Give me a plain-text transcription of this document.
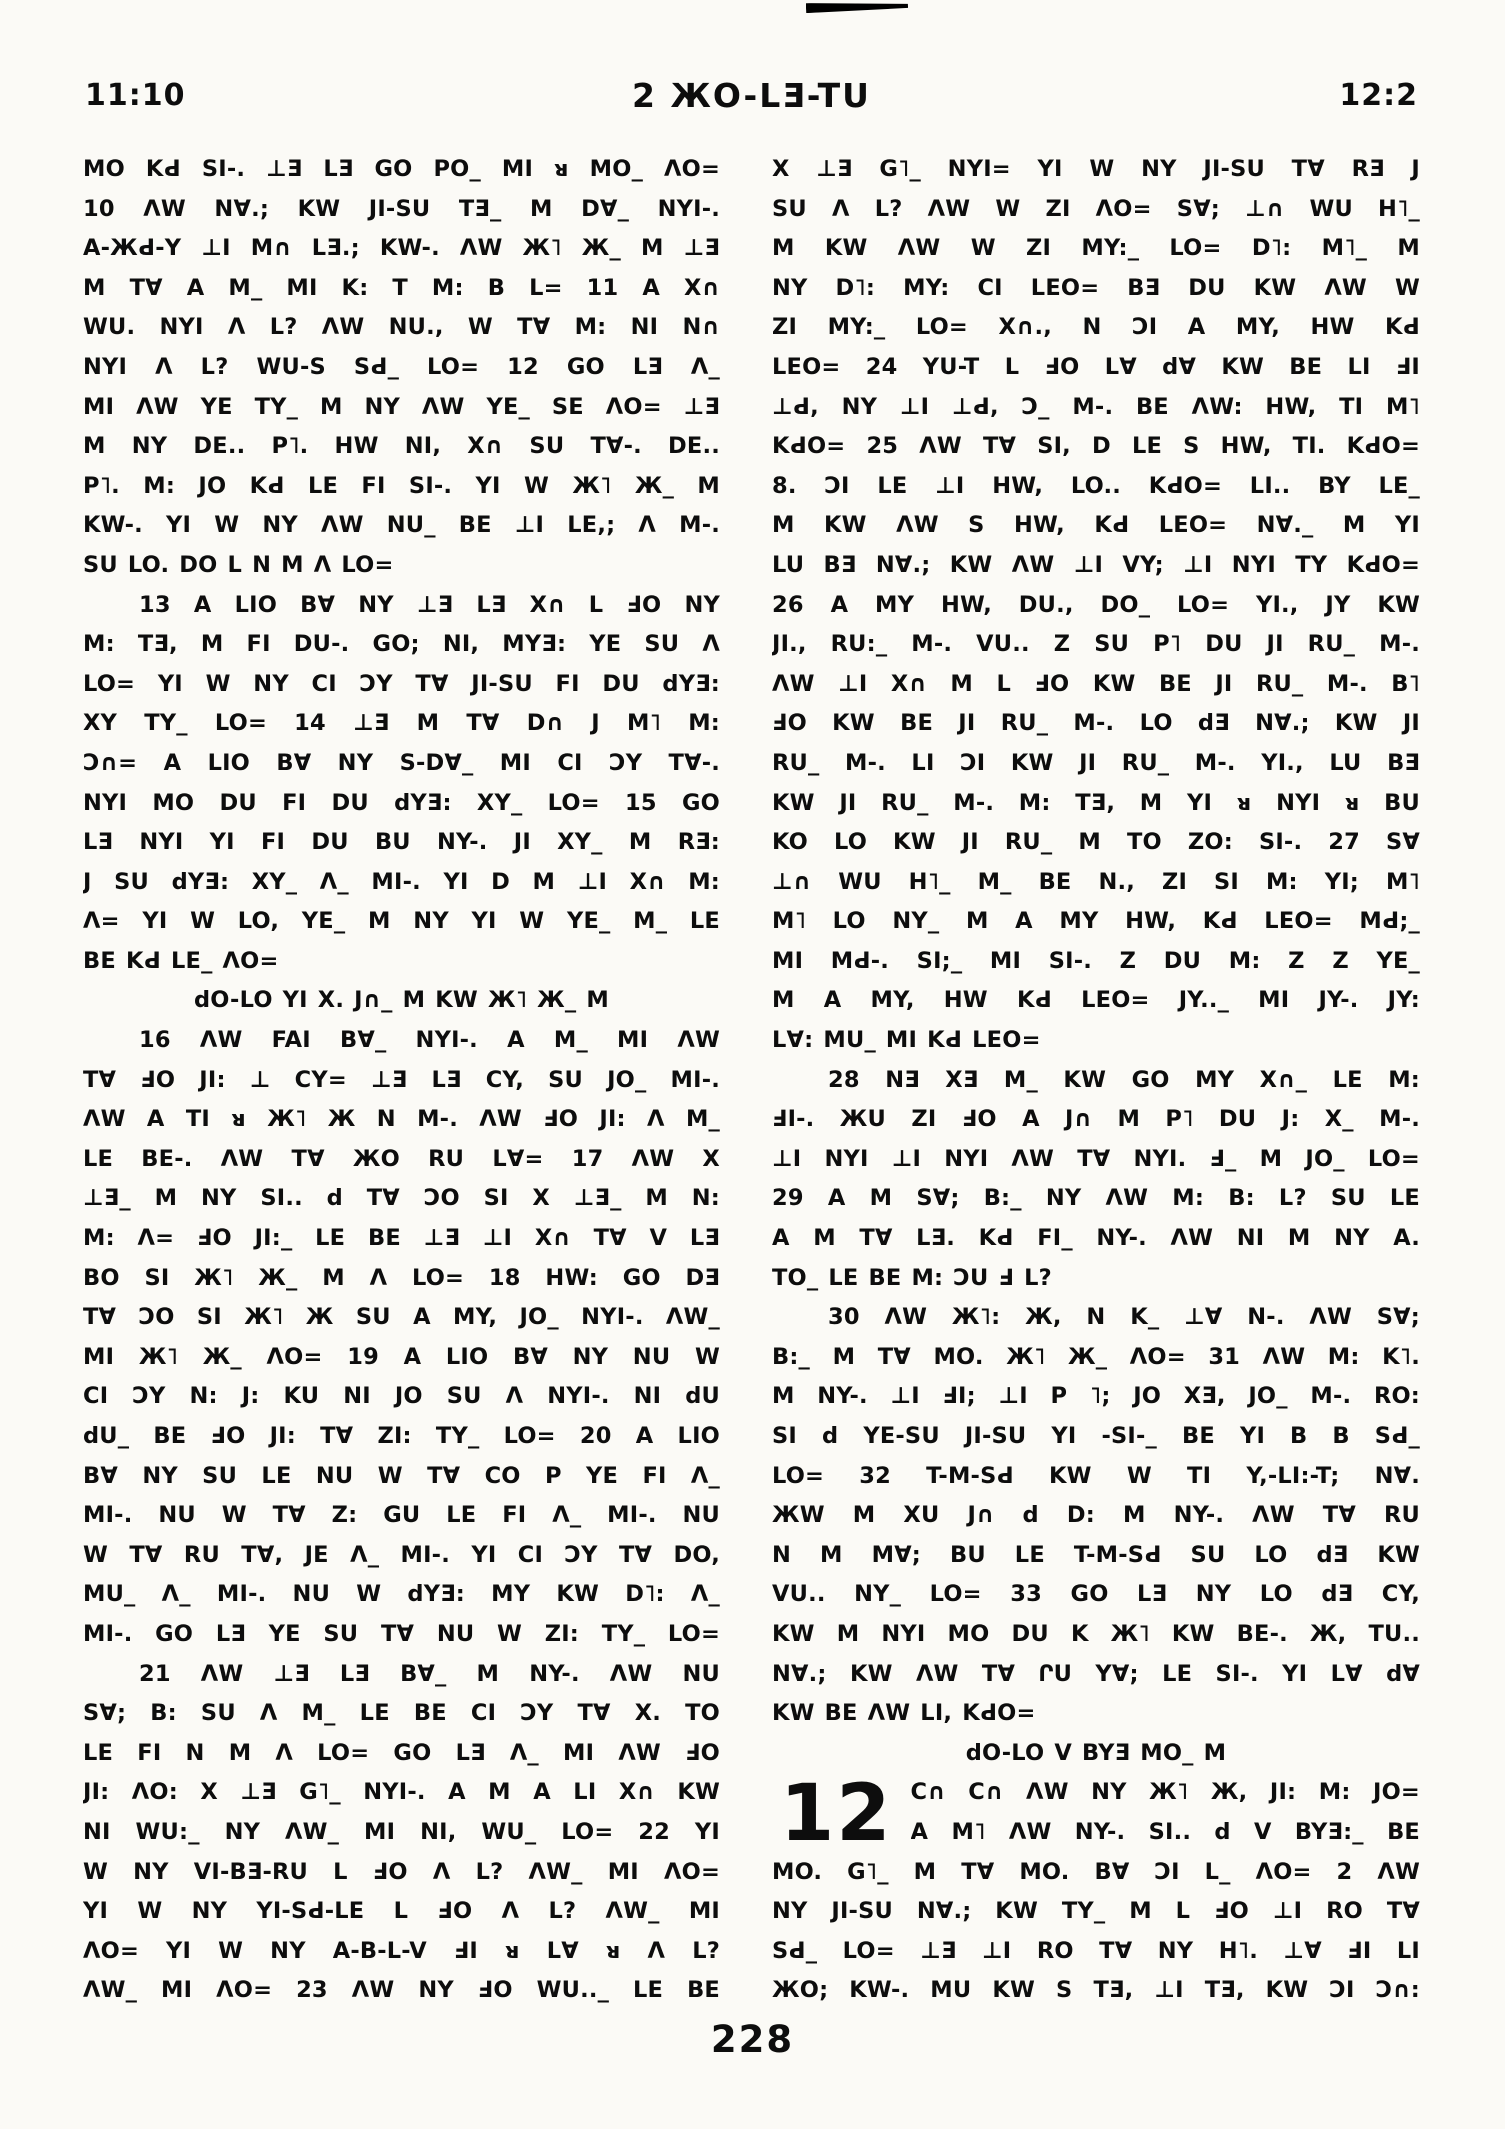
11:10	2 ЖO-LƎ-TU	12:2
MO KԀ SI-. ⊥Ǝ LƎ GO PO_ MI ᴚ MO_ ΛO=
10 ΛW N∀.; KW JI-SU TƎ_ M D∀_ NYI-.
A-ЖԀ-Y ⊥I M∩ LƎ.; KW-. ΛW Ж˥ Ж_ M ⊥Ǝ
M T∀ A M_ MI K: T M: B L= 11 A X∩
WU. NYI Λ L? ΛW NU., W T∀ M: NI N∩
NYI Λ L? WU-S SԀ_ LO= 12 GO LƎ Λ_
MI ΛW YE TY_ M NY ΛW YE_ SE ΛO= ⊥Ǝ
M NY DE.. P˥. HW NI, X∩ SU T∀-. DE..
P˥. M: JO KԀ LE FI SI-. YI W Ж˥ Ж_ M
KW-. YI W NY ΛW NU_ BE ⊥I LE,; Λ M-.
SU LO. DO L N M Λ LO=
13 A LIO B∀ NY ⊥Ǝ LƎ X∩ L ℲO NY
M: TƎ, M FI DU-. GO; NI, MYƎ: YE SU Λ
LO= YI W NY CI ƆY T∀ JI-SU FI DU dYƎ:
XY TY_ LO= 14 ⊥Ǝ M T∀ D∩ J M˥ M:
Ɔ∩= A LIO B∀ NY S-D∀_ MI CI ƆY T∀-.
NYI MO DU FI DU dYƎ: XY_ LO= 15 GO
LƎ NYI YI FI DU BU NY-. JI XY_ M RƎ:
J SU dYƎ: XY_ Λ_ MI-. YI D M ⊥I X∩ M:
Λ= YI W LO, YE_ M NY YI W YE_ M_ LE
BE KԀ LE_ ΛO=
dO-LO YI X. J∩_ M KW Ж˥ Ж_ M
16 ΛW FAI B∀_ NYI-. A M_ MI ΛW
T∀ ℲO JI: ⊥ CY= ⊥Ǝ LƎ CY, SU JO_ MI-.
ΛW A TI ᴚ Ж˥ Ж N M-. ΛW ℲO JI: Λ M_
LE BE-. ΛW T∀ ЖO RU L∀= 17 ΛW X
⊥Ǝ_ M NY SI.. d T∀ ƆO SI X ⊥Ǝ_ M N:
M: Λ= ℲO JI:_ LE BE ⊥Ǝ ⊥I X∩ T∀ V LƎ
BO SI Ж˥ Ж_ M Λ LO= 18 HW: GO DƎ
T∀ ƆO SI Ж˥ Ж SU A MY, JO_ NYI-. ΛW_
MI Ж˥ Ж_ ΛO= 19 A LIO B∀ NY NU W
CI ƆY N: J: KU NI JO SU Λ NYI-. NI dU
dU_ BE ℲO JI: T∀ ZI: TY_ LO= 20 A LIO
B∀ NY SU LE NU W T∀ CO P YE FI Λ_
MI-. NU W T∀ Z: GU LE FI Λ_ MI-. NU
W T∀ RU T∀, JE Λ_ MI-. YI CI ƆY T∀ DO,
MU_ Λ_ MI-. NU W dYƎ: MY KW D˥: Λ_
MI-. GO LƎ YE SU T∀ NU W ZI: TY_ LO=
21 ΛW ⊥Ǝ LƎ B∀_ M NY-. ΛW NU
S∀; B: SU Λ M_ LE BE CI ƆY T∀ X. TO
LE FI N M Λ LO= GO LƎ Λ_ MI ΛW ℲO
JI: ΛO: X ⊥Ǝ G˥_ NYI-. A M A LI X∩ KW
NI WU:_ NY ΛW_ MI NI, WU_ LO= 22 YI
W NY VI-BƎ-RU L ℲO Λ L? ΛW_ MI ΛO=
YI W NY YI-SԀ-LE L ℲO Λ L? ΛW_ MI
ΛO= YI W NY A-B-L-V ℲI ᴚ L∀ ᴚ Λ L?
ΛW_ MI ΛO= 23 ΛW NY ℲO WU.._ LE BE
X ⊥Ǝ G˥_ NYI= YI W NY JI-SU T∀ RƎ J
SU Λ L? ΛW W ZI ΛO= S∀; ⊥∩ WU H˥_
M KW ΛW W ZI MY:_ LO= D˥: M˥_ M
NY D˥: MY: CI LEO= BƎ DU KW ΛW W
ZI MY:_ LO= X∩., N ƆI A MY, HW KԀ
LEO= 24 YU-T L ℲO L∀ d∀ KW BE LI ℲI
⊥Ԁ, NY ⊥I ⊥Ԁ, Ɔ_ M-. BE ΛW: HW, TI M˥
KԀO= 25 ΛW T∀ SI, D LE S HW, TI. KԀO=
8. ƆI LE ⊥I HW, LO.. KԀO= LI.. BY LE_
M KW ΛW S HW, KԀ LEO= N∀._ M YI
LU BƎ N∀.; KW ΛW ⊥I VY; ⊥I NYI TY KԀO=
26 A MY HW, DU., DO_ LO= YI., JY KW
JI., RU:_ M-. VU.. Z SU P˥ DU JI RU_ M-.
ΛW ⊥I X∩ M L ℲO KW BE JI RU_ M-. B˥
ℲO KW BE JI RU_ M-. LO dƎ N∀.; KW JI
RU_ M-. LI ƆI KW JI RU_ M-. YI., LU BƎ
KW JI RU_ M-. M: TƎ, M YI ᴚ NYI ᴚ BU
KO LO KW JI RU_ M TO ZO: SI-. 27 S∀
⊥∩ WU H˥_ M_ BE N., ZI SI M: YI; M˥
M˥ LO NY_ M A MY HW, KԀ LEO= MԀ;_
MI MԀ-. SI;_ MI SI-. Z DU M: Z Z YE_
M A MY, HW KԀ LEO= JY.._ MI JY-. JY:
L∀: MU_ MI KԀ LEO=
28 NƎ XƎ M_ KW GO MY X∩_ LE M:
ℲI-. ЖU ZI ℲO A J∩ M P˥ DU J: X_ M-.
⊥I NYI ⊥I NYI ΛW T∀ NYI. Ⅎ_ M JO_ LO=
29 A M S∀; B:_ NY ΛW M: B: L? SU LE
A M T∀ LƎ. KԀ FI_ NY-. ΛW NI M NY A.
TO_ LE BE M: ƆU Ⅎ L?
30 ΛW Ж˥: Ж, N K_ ⊥∀ N-. ΛW S∀;
B:_ M T∀ MO. Ж˥ Ж_ ΛO= 31 ΛW M: K˥.
M NY-. ⊥I ℲI; ⊥I P ˥; JO XƎ, JO_ M-. RO:
SI d YE-SU JI-SU YI -SI-_ BE YI B B SԀ_
LO= 32 T-M-SԀ KW W TI Y,-LI:-T; N∀.
ЖW M XU J∩ d D: M NY-. ΛW T∀ RU
N M M∀; BU LE T-M-SԀ SU LO dƎ KW
VU.. NY_ LO= 33 GO LƎ NY LO dƎ CY,
KW M NYI MO DU K Ж˥ KW BE-. Ж, TU..
N∀.; KW ΛW T∀ ՐU Y∀; LE SI-. YI L∀ d∀
KW BE ΛW LI, KԀO=
dO-LO V BYƎ MO_ M
12 C∩ C∩ ΛW NY Ж˥ Ж, JI: M: JO=
A M˥ ΛW NY-. SI.. d V BYƎ:_ BE
MO. G˥_ M T∀ MO. B∀ ƆI L_ ΛO= 2 ΛW
NY JI-SU N∀.; KW TY_ M L ℲO ⊥I RO T∀
SԀ_ LO= ⊥Ǝ ⊥I RO T∀ NY H˥. ⊥∀ ℲI LI
ЖO; KW-. MU KW S TƎ, ⊥I TƎ, KW ƆI Ɔ∩:
228
